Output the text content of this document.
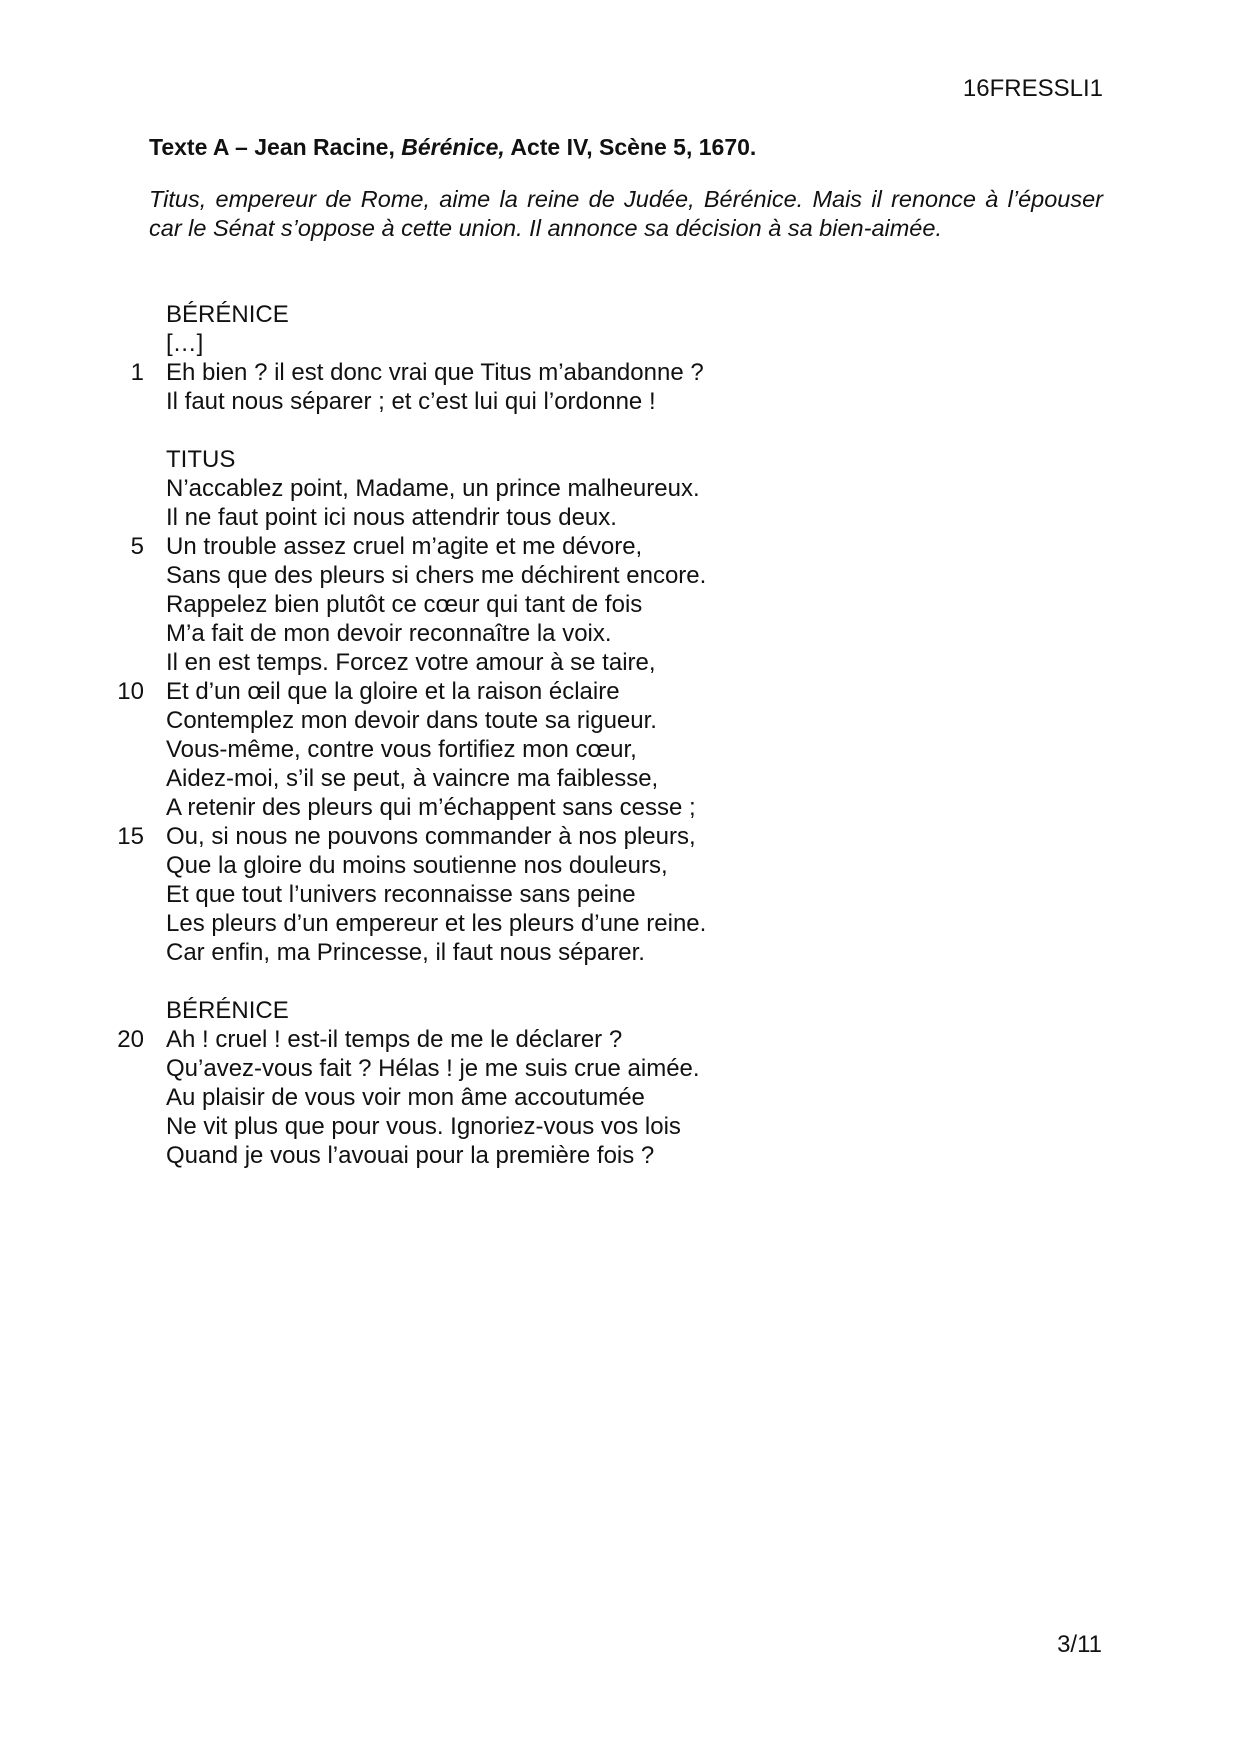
16FRESSLI1
Texte A – Jean Racine, Bérénice, Acte IV, Scène 5, 1670.

Titus, empereur de Rome, aime la reine de Judée, Bérénice. Mais il renonce à l’épouser car le Sénat s’oppose à cette union. Il annonce sa décision à sa bien-aimée.

BÉRÉNICE
[…]
1 Eh bien ? il est donc vrai que Titus m’abandonne ?
Il faut nous séparer ; et c’est lui qui l’ordonne !
TITUS
N’accablez point, Madame, un prince malheureux.
Il ne faut point ici nous attendrir tous deux.
5 Un trouble assez cruel m’agite et me dévore,
Sans que des pleurs si chers me déchirent encore.
Rappelez bien plutôt ce cœur qui tant de fois
M’a fait de mon devoir reconnaître la voix.
Il en est temps. Forcez votre amour à se taire,
10 Et d’un œil que la gloire et la raison éclaire
Contemplez mon devoir dans toute sa rigueur.
Vous-même, contre vous fortifiez mon cœur,
Aidez-moi, s’il se peut, à vaincre ma faiblesse,
A retenir des pleurs qui m’échappent sans cesse ;
15 Ou, si nous ne pouvons commander à nos pleurs,
Que la gloire du moins soutienne nos douleurs,
Et que tout l’univers reconnaisse sans peine
Les pleurs d’un empereur et les pleurs d’une reine.
Car enfin, ma Princesse, il faut nous séparer.
BÉRÉNICE
20 Ah ! cruel ! est-il temps de me le déclarer ?
Qu’avez-vous fait ? Hélas ! je me suis crue aimée.
Au plaisir de vous voir mon âme accoutumée
Ne vit plus que pour vous. Ignoriez-vous vos lois
Quand je vous l’avouai pour la première fois ?
3/11
